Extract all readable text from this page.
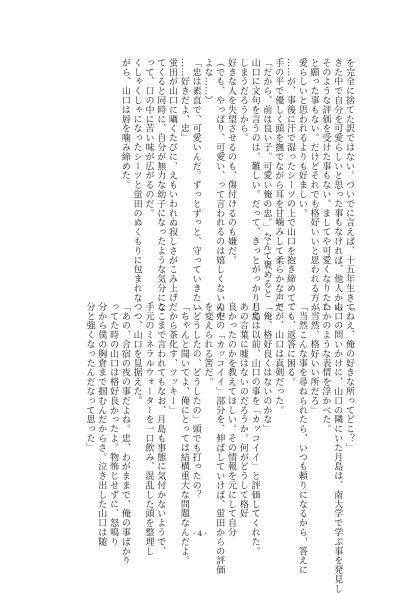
を完全に捨てた訳ではない。ついでに言えば、十五年生きて
きた中で自分を可愛らしいと思った事もなければ、他人から
そのような評価を受けた事もない。ましてや可愛くなりたい
と願った事もない。だけどそれでも格好いいと思われる方が、
愛らしいと思われるよりも好ましい。
……が、事後に汗で湿ったシーツの上で山口を抱き締めて、
手の平で優しく頭を撫でながら耳を甘噛みして柔らかな声で
「だから、前は良い子。可愛い俺の忠。」なんて褒めると
山口に文句を言うのは、難しい。だって、きっとがっかりして
しまうだろうから。
好きな人を失望させるのも、傷付けるのも嫌だ。
（でも、やっぱり、可愛い、って言われるのは嬉しくないんだ
よな……）
「忠は素直で、可愛いんだ。ずっとずっと、守っていきたい
……好きだよ、忠」
蛍田が山口に囁くたびに、えもいわれぬ寂しさがこみ上げ
てくると同時に、自分が無力な幼子になったような気分にな
って、口の中に苦い味が広がるのだ。
くしゃくしゃになったシーツと蛍田のぬくもりに包まれな
がら、山口は唇を噛み締めた。
「ねえ、俺の好きな所ってどこ？」
山口の問いかけに、山口の隣にいた月島は、南大学で学ぶ事を発見し
たかのような表情を浮かべた。
「当然、格好いい所だろ」
「当然こんな事を尋ねられたら、いつも頼りになるから、答えに
ても、返答に困る。
だが、山口は真剣だった。
「俺、格好良くはないのかな」
月島は以前、山口の事を「カッコイイ」と評価してくれた。
あの言葉に嘘はないのだろうか。何がどうして格好
良かったのかを教えてほしい。その情報を元にして自分
の中の「カッコイイ」部分を、伸ばしていけば、蛍田からの評価
を変えられる筈だ。
「どうしたの、どうしたの」頭でも打ったの？
「ちゃんと聞いてよ、俺にとっては結構重大な問題なんだよ。
だから茶化す、ツッキー」
ここまで言われてもなお、月島も事態に気付かないようで、
手元のミネラルウォーターを一口飲み、混乱した頭を整理し
つつ、山口を見据えた。
「あの、合宿の夜の事だよね。忠、わがままで、俺の事ばかり
ってた時の山口は格好良かったよ。物怖じせずに、怒鳴り
分から僕の胸倉まで掴むんだからさ。泣き出した山口は随
分と強くなったんだなって思った」
- 4 -
